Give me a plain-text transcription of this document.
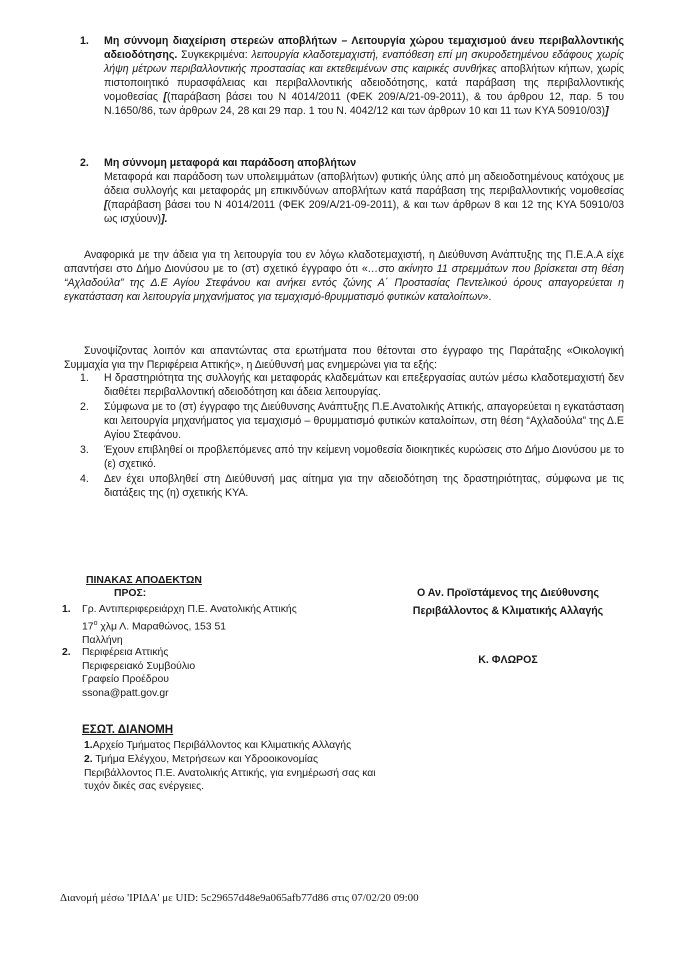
1. Μη σύννομη διαχείριση στερεών αποβλήτων – Λειτουργία χώρου τεμαχισμού άνευ περιβαλλοντικής αδειοδότησης. Συγκεκριμένα: λειτουργία κλαδοτεμαχιστή, εναπόθεση επί μη σκυροδετημένου εδάφους χωρίς λήψη μέτρων περιβαλλοντικής προστασίας και εκτεθειμένων στις καιρικές συνθήκες αποβλήτων κήπων, χωρίς πιστοποιητικό πυρασφάλειας και περιβαλλοντικής αδειοδότησης, κατά παράβαση της περιβαλλοντικής νομοθεσίας [(παράβαση βάσει του Ν 4014/2011 (ΦΕΚ 209/Α/21-09-2011), & του άρθρου 12, παρ. 5 του Ν.1650/86, των άρθρων 24, 28 και 29 παρ. 1 του Ν. 4042/12 και των άρθρων 10 και 11 των ΚΥΑ 50910/03)]
2. Μη σύννομη μεταφορά και παράδοση αποβλήτων
Μεταφορά και παράδοση των υπολειμμάτων (αποβλήτων) φυτικής ύλης από μη αδειοδοτημένους κατόχους με άδεια συλλογής και μεταφοράς μη επικινδύνων αποβλήτων κατά παράβαση της περιβαλλοντικής νομοθεσίας [(παράβαση βάσει του Ν 4014/2011 (ΦΕΚ 209/Α/21-09-2011), & και των άρθρων 8 και 12 της ΚΥΑ 50910/03 ως ισχύουν)].
Αναφορικά με την άδεια για τη λειτουργία του εν λόγω κλαδοτεμαχιστή, η Διεύθυνση Ανάπτυξης της Π.Ε.Α.Α είχε απαντήσει στο Δήμο Διονύσου με το (στ) σχετικό έγγραφο ότι «…στο ακίνητο 11 στρεμμάτων που βρίσκεται στη θέση “Αχλαδούλα” της Δ.Ε Αγίου Στεφάνου και ανήκει εντός ζώνης Α΄ Προστασίας Πεντελικού όρους απαγορεύεται η εγκατάσταση και λειτουργία μηχανήματος για τεμαχισμό-θρυμματισμό φυτικών καταλοίπων».
Συνοψίζοντας λοιπόν και απαντώντας στα ερωτήματα που θέτονται στο έγγραφο της Παράταξης «Οικολογική Συμμαχία για την Περιφέρεια Αττικής», η Διεύθυνσή μας ενημερώνει για τα εξής:
1. Η δραστηριότητα της συλλογής και μεταφοράς κλαδεμάτων και επεξεργασίας αυτών μέσω κλαδοτεμαχιστή δεν διαθέτει περιβαλλοντική αδειοδότηση και άδεια λειτουργίας.
2. Σύμφωνα με το (στ) έγγραφο της Διεύθυνσης Ανάπτυξης Π.Ε.Ανατολικής Αττικής, απαγορεύεται η εγκατάσταση και λειτουργία μηχανήματος για τεμαχισμό – θρυμματισμό φυτικών καταλοίπων, στη θέση “Αχλαδούλα” της Δ.Ε Αγίου Στεφάνου.
3. Έχουν επιβληθεί οι προβλεπόμενες από την κείμενη νομοθεσία διοικητικές κυρώσεις στο Δήμο Διονύσου με το (ε) σχετικό.
4. Δεν έχει υποβληθεί στη Διεύθυνσή μας αίτημα για την αδειοδότηση της δραστηριότητας, σύμφωνα με τις διατάξεις της (η) σχετικής ΚΥΑ.
ΠΙΝΑΚΑΣ ΑΠΟΔΕΚΤΩΝ
ΠΡΟΣ:
1. Γρ. Αντιπεριφερειάρχη Π.Ε. Ανατολικής Αττικής
$17^o$ χλμ Λ. Μαραθώνος, 153 51
Παλλήνη
2. Περιφέρεια Αττικής
Περιφερειακό Συμβούλιο
Γραφείο Προέδρου
ssona@patt.gov.gr
Ο Αν. Προϊστάμενος της Διεύθυνσης
Περιβάλλοντος & Κλιματικής Αλλαγής
Κ. ΦΛΩΡΟΣ
ΕΣΩΤ. ΔΙΑΝΟΜΗ
1.Αρχείο Τμήματος Περιβάλλοντος και Κλιματικής Αλλαγής
2. Τμήμα Ελέγχου, Μετρήσεων και Υδροοικονομίας
Περιβάλλοντος Π.Ε. Ανατολικής Αττικής, για ενημέρωσή σας και
τυχόν δικές σας ενέργειες.
Διανομή μέσω 'ΙΡΙΔΑ' με UID: 5c29657d48e9a065afb77d86 στις 07/02/20 09:00
